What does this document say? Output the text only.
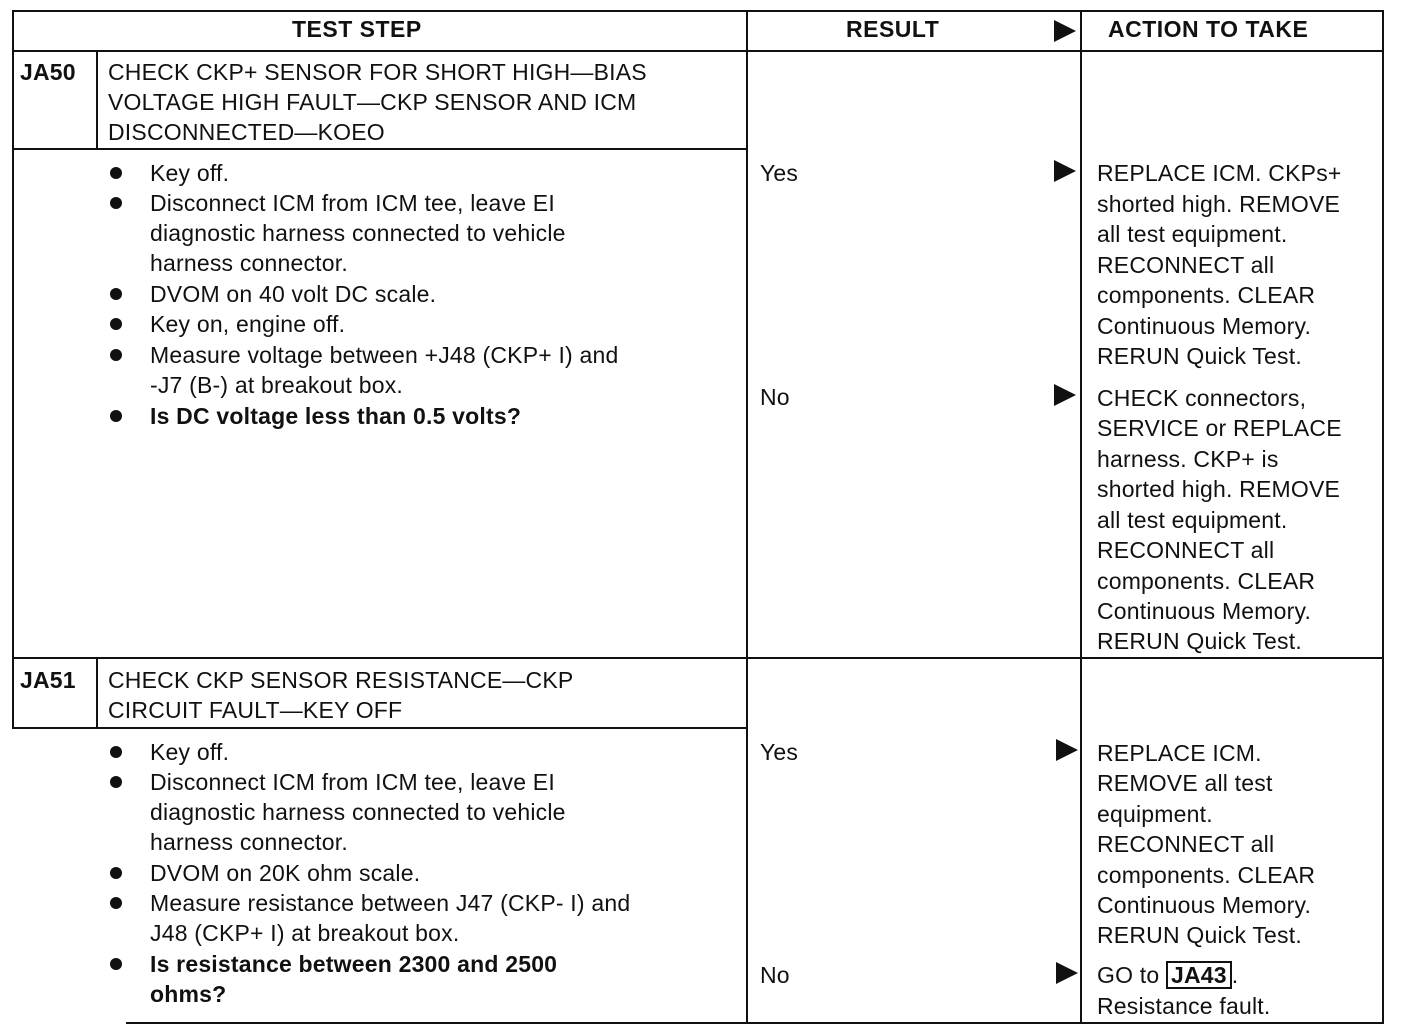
TEST STEP	RESULT	ACTION TO TAKE
JA50 CHECK CKP+ SENSOR FOR SHORT HIGH—BIAS
VOLTAGE HIGH FAULT—CKP SENSOR AND ICM
DISCONNECTED—KOEO
Key off.
Disconnect ICM from ICM tee, leave EI
diagnostic harness connected to vehicle
harness connector.
DVOM on 40 volt DC scale.
Key on, engine off.
Measure voltage between +J48 (CKP+ I) and
-J7 (B-) at breakout box.
Is DC voltage less than 0.5 volts?
Yes	REPLACE ICM. CKPs+
shorted high. REMOVE
all test equipment.
RECONNECT all
components. CLEAR
Continuous Memory.
RERUN Quick Test.
No	CHECK connectors,
SERVICE or REPLACE
harness. CKP+ is
shorted high. REMOVE
all test equipment.
RECONNECT all
components. CLEAR
Continuous Memory.
RERUN Quick Test.
JA51 CHECK CKP SENSOR RESISTANCE—CKP
CIRCUIT FAULT—KEY OFF
Key off.
Disconnect ICM from ICM tee, leave EI
diagnostic harness connected to vehicle
harness connector.
DVOM on 20K ohm scale.
Measure resistance between J47 (CKP- I) and
J48 (CKP+ I) at breakout box.
Is resistance between 2300 and 2500
ohms?
Yes	REPLACE ICM.
REMOVE all test
equipment.
RECONNECT all
components. CLEAR
Continuous Memory.
RERUN Quick Test.
No	GO to JA43 .
Resistance fault.
